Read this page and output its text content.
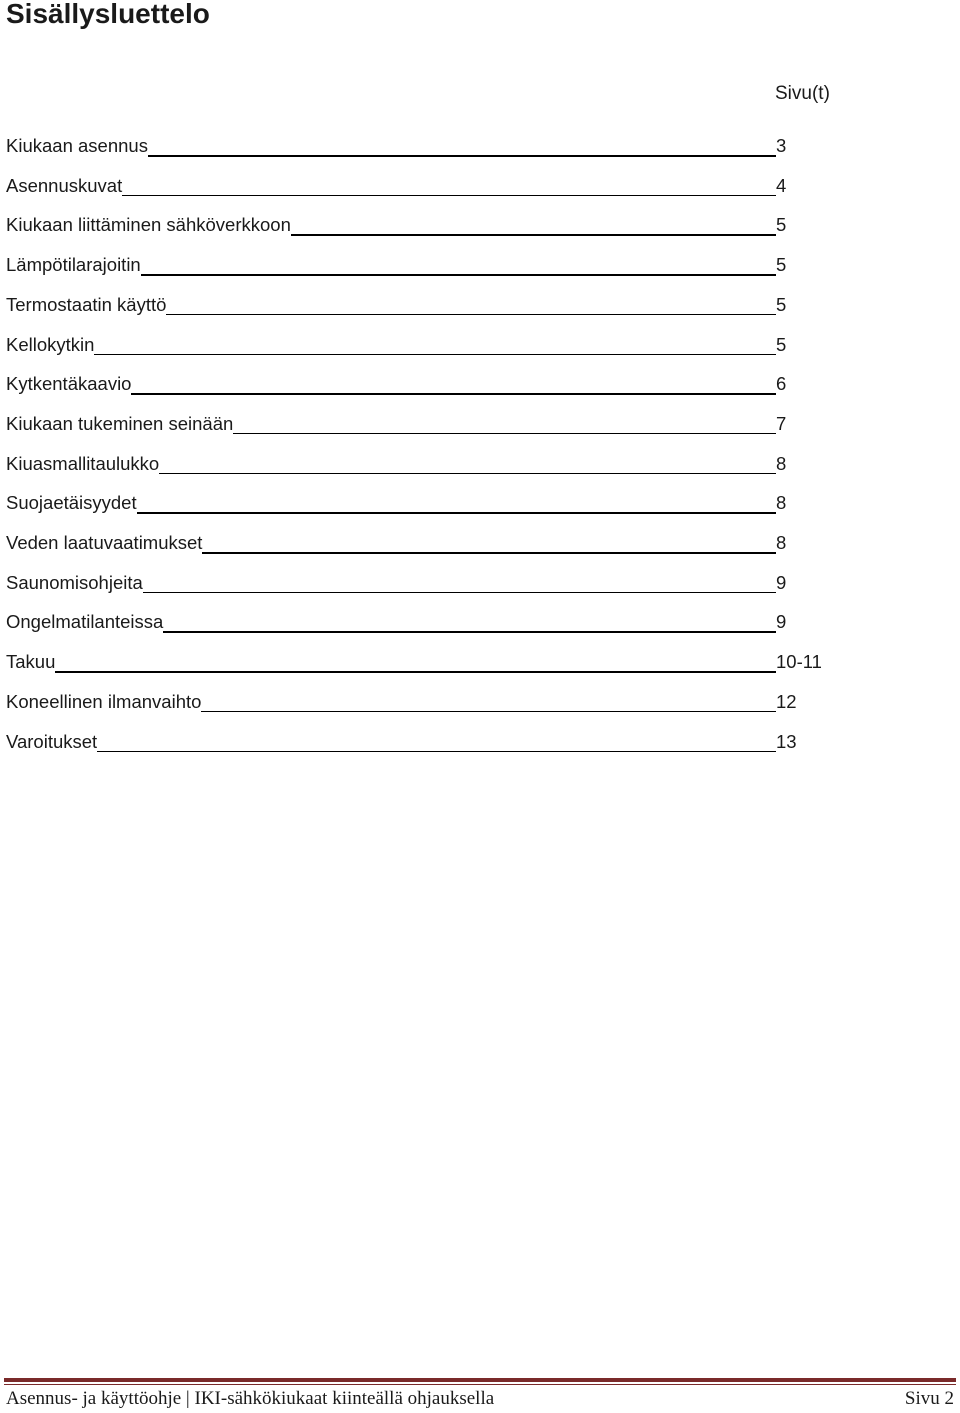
Sisällysluettelo
Sivu(t)
Kiukaan asennus	3
Asennuskuvat	4
Kiukaan liittäminen sähköverkkoon	5
Lämpötilarajoitin	5
Termostaatin käyttö	5
Kellokytkin	5
Kytkentäkaavio	6
Kiukaan tukeminen seinään	7
Kiuasmallitaulukko	8
Suojaetäisyydet	8
Veden laatuvaatimukset	8
Saunomisohjeita	9
Ongelmatilanteissa	9
Takuu	10-11
Koneellinen ilmanvaihto	12
Varoitukset	13
Asennus- ja käyttöohje | IKI-sähkökiukaat kiinteällä ohjauksella	Sivu 2
